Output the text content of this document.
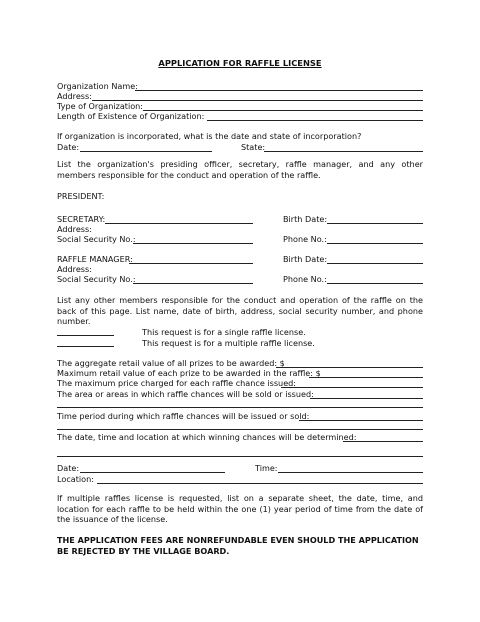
APPLICATION FOR RAFFLE LICENSE
Organization Name:
Address:
Type of Organization:
Length of Existence of Organization:
If organization is incorporated, what is the date and state of incorporation?
Date:	State:
List the organization's presiding officer, secretary, raffle manager, and any other members responsible for the conduct and operation of the raffle.
PRESIDENT:
SECRETARY:	Birth Date:
Address:
Social Security No.:	Phone No.:
RAFFLE MANAGER:	Birth Date:
Address:
Social Security No.:	Phone No.:
List any other members responsible for the conduct and operation of the raffle on the back of this page. List name, date of birth, address, social security number, and phone number.
This request is for a single raffle license.
This request is for a multiple raffle license.
The aggregate retail value of all prizes to be awarded: $
Maximum retail value of each prize to be awarded in the raffle: $
The maximum price charged for each raffle chance issued:
The area or areas in which raffle chances will be sold or issued:
Time period during which raffle chances will be issued or sold:
The date, time and location at which winning chances will be determined:
Date:	Time:
Location:
If multiple raffles license is requested, list on a separate sheet, the date, time, and location for each raffle to be held within the one (1) year period of time from the date of the issuance of the license.
THE APPLICATION FEES ARE NONREFUNDABLE EVEN SHOULD THE APPLICATION BE REJECTED BY THE VILLAGE BOARD.
